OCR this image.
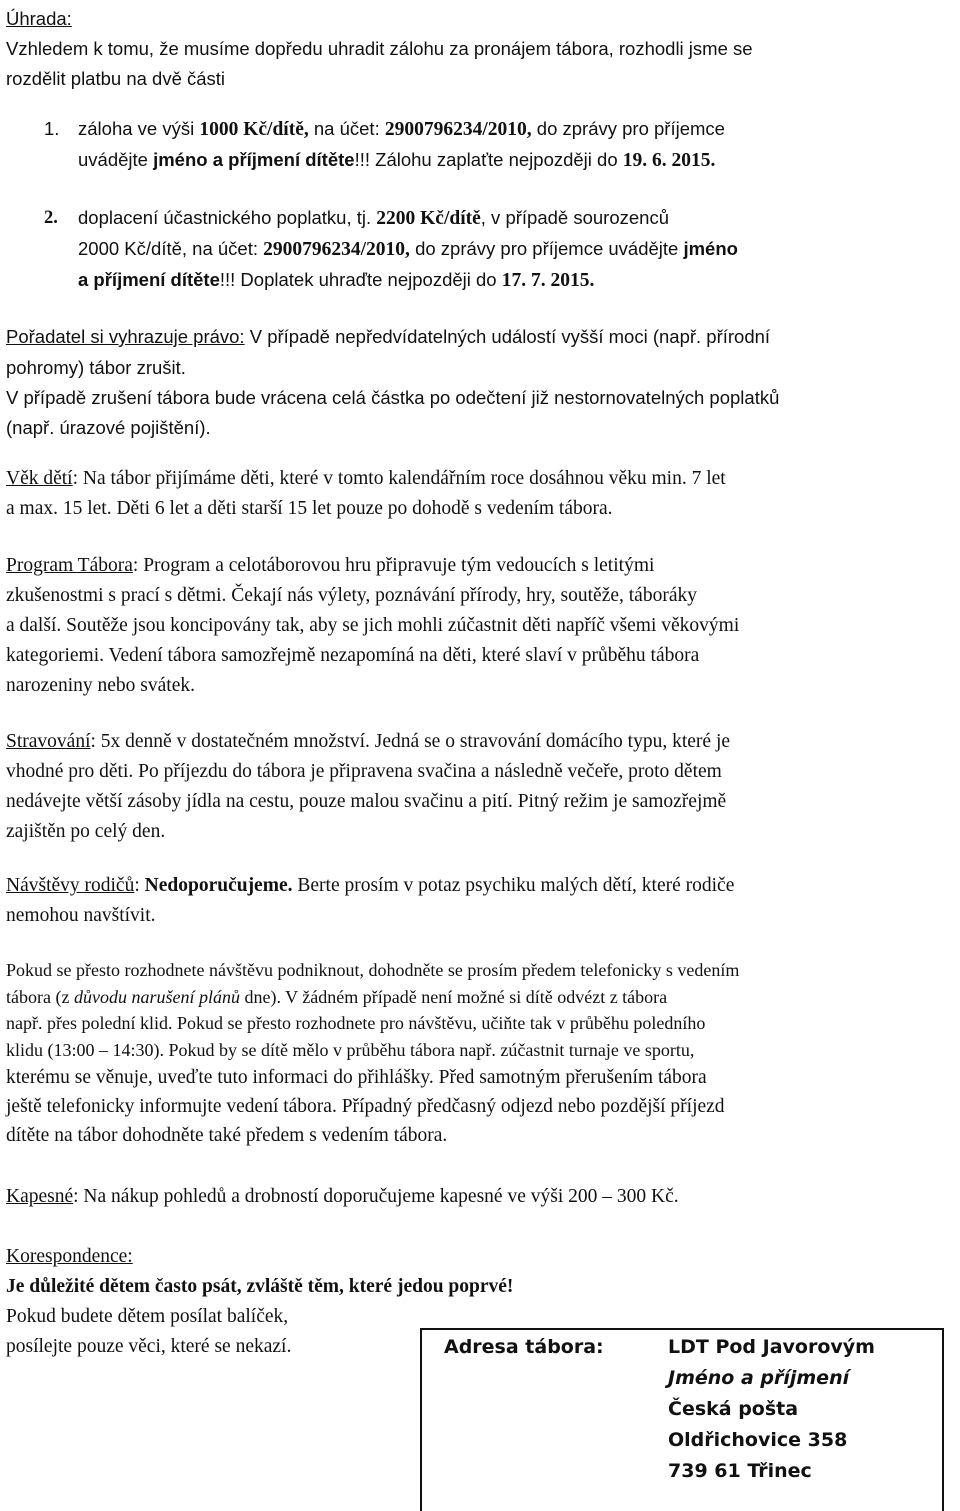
Úhrada:
Vzhledem k tomu, že musíme dopředu uhradit zálohu za pronájem tábora, rozhodli jsme se
rozdělit platbu na dvě části
1.	záloha ve výši 1000 Kč/dítě, na účet: 2900796234/2010, do zprávy pro příjemce
uvádějte jméno a příjmení dítěte!!! Zálohu zaplaťte nejpozději do 19. 6. 2015.
2.	doplacení účastnického poplatku, tj. 2200 Kč/dítě, v případě sourozenců
2000 Kč/dítě, na účet: 2900796234/2010, do zprávy pro příjemce uvádějte jméno
a příjmení dítěte!!! Doplatek uhraďte nejpozději do 17. 7. 2015.
Pořadatel si vyhrazuje právo: V případě nepředvídatelných událostí vyšší moci (např. přírodní
pohromy) tábor zrušit.
V případě zrušení tábora bude vrácena celá částka po odečtení již nestornovatelných poplatků
(např. úrazové pojištění).
Věk dětí: Na tábor přijímáme děti, které v tomto kalendářním roce dosáhnou věku min. 7 let
a max. 15 let. Děti 6 let a děti starší 15 let pouze po dohodě s vedením tábora.
Program Tábora: Program a celotáborovou hru připravuje tým vedoucích s letitými
zkušenostmi s prací s dětmi. Čekají nás výlety, poznávání přírody, hry, soutěže, táboráky
a další. Soutěže jsou koncipovány tak, aby se jich mohli zúčastnit děti napříč všemi věkovými
kategoriemi. Vedení tábora samozřejmě nezapomíná na děti, které slaví v průběhu tábora
narozeniny nebo svátek.
Stravování: 5x denně v dostatečném množství. Jedná se o stravování domácího typu, které je
vhodné pro děti. Po příjezdu do tábora je připravena svačina a následně večeře, proto dětem
nedávejte větší zásoby jídla na cestu, pouze malou svačinu a pití. Pitný režim je samozřejmě
zajištěn po celý den.
Návštěvy rodičů: Nedoporučujeme. Berte prosím v potaz psychiku malých dětí, které rodiče
nemohou navštívit.
Pokud se přesto rozhodnete návštěvu podniknout, dohodněte se prosím předem telefonicky s vedením
tábora (z důvodu narušení plánů dne). V žádném případě není možné si dítě odvézt z tábora
např. přes polední klid. Pokud se přesto rozhodnete pro návštěvu, učiňte tak v průběhu poledního
klidu (13:00 – 14:30). Pokud by se dítě mělo v průběhu tábora např. zúčastnit turnaje ve sportu,
kterému se věnuje, uveďte tuto informaci do přihlášky. Před samotným přerušením tábora
ještě telefonicky informujte vedení tábora. Případný předčasný odjezd nebo pozdější příjezd
dítěte na tábor dohodněte také předem s vedením tábora.
Kapesné: Na nákup pohledů a drobností doporučujeme kapesné ve výši 200 – 300 Kč.
Korespondence:
Je důležité dětem často psát, zvláště těm, které jedou poprvé!
Pokud budete dětem posílat balíček,
posílejte pouze věci, které se nekazí.	Adresa tábora:	LDT Pod Javorovým
Jméno a příjmení
Česká pošta
Oldřichovice 358
739 61 Třinec
